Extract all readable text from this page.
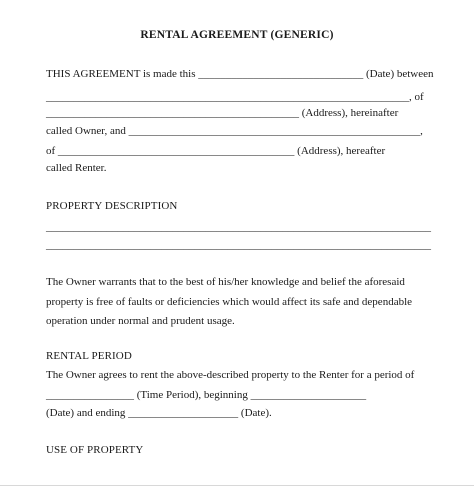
RENTAL AGREEMENT (GENERIC)
THIS AGREEMENT is made this ______________________________ (Date) between
__________________________________________________________________, of
______________________________________________ (Address), hereinafter
called Owner, and _____________________________________________________,
of ___________________________________________ (Address), hereafter
called Renter.
PROPERTY DESCRIPTION
______________________________________________________________________
______________________________________________________________________
The Owner warrants that to the best of his/her knowledge and belief the aforesaid
property is free of faults or deficiencies which would affect its safe and dependable
operation under normal and prudent usage.
RENTAL PERIOD
The Owner agrees to rent the above-described property to the Renter for a period of
________________ (Time Period), beginning _____________________
(Date) and ending ____________________ (Date).
USE OF PROPERTY
